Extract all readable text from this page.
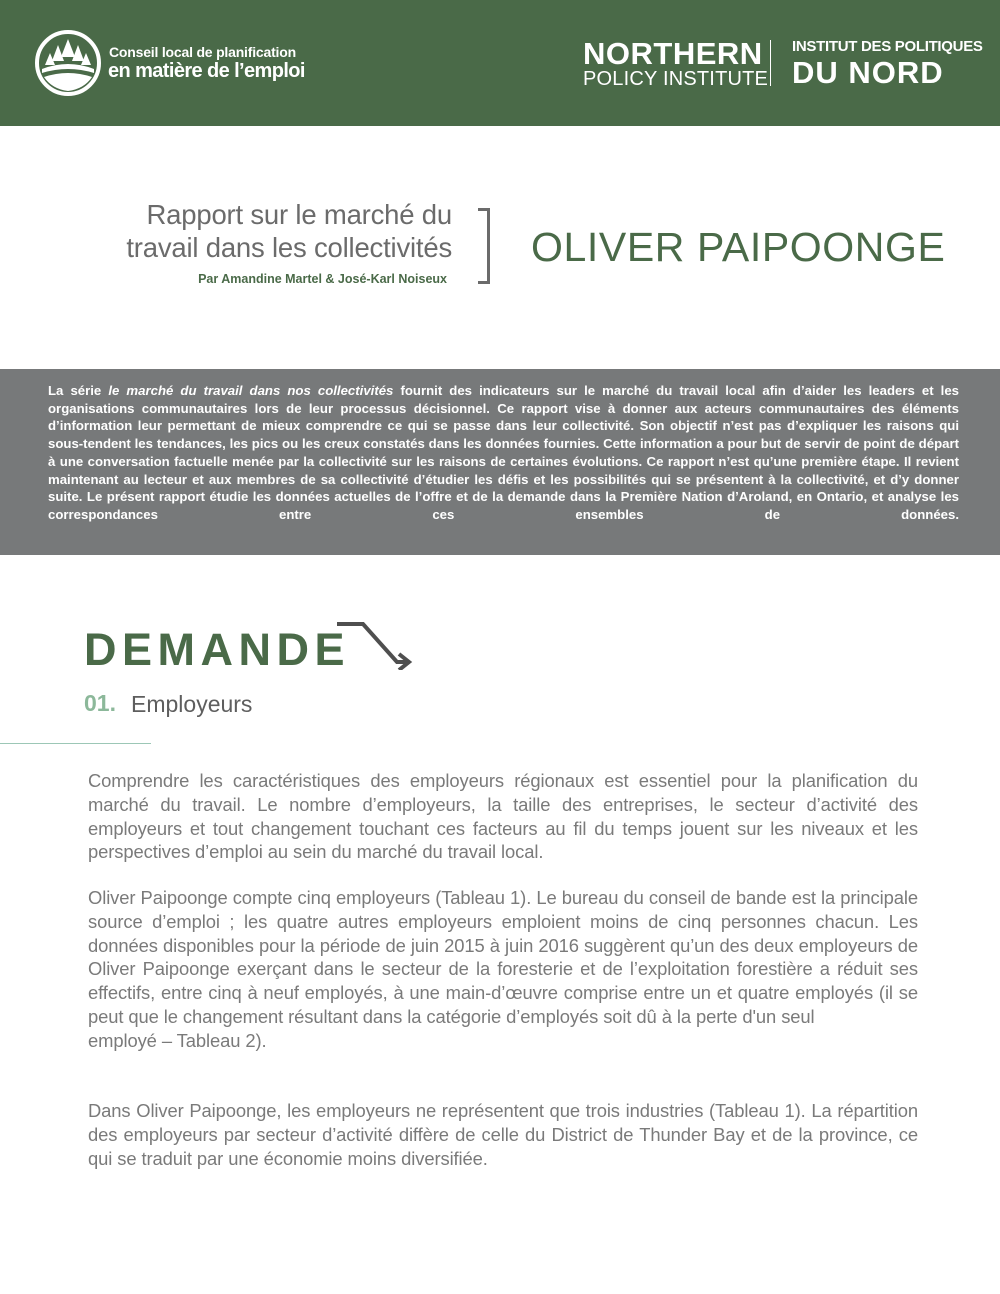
Conseil local de planification
en matière de l’emploi	NORTHERN
POLICY INSTITUTE
INSTITUT DES POLITIQUES
DU NORD
Rapport sur le marché du
travail dans les collectivités
Par Amandine Martel & José-Karl Noiseux
OLIVER PAIPOONGE
La série le marché du travail dans nos collectivités fournit des indicateurs sur le marché du travail local afin d’aider les leaders et les organisations communautaires lors de leur processus décisionnel. Ce rapport vise à donner aux acteurs communautaires des éléments d’information leur permettant de mieux comprendre ce qui se passe dans leur collectivité. Son objectif n’est pas d’expliquer les raisons qui sous-tendent les tendances, les pics ou les creux constatés dans les données fournies. Cette information a pour but de servir de point de départ à une conversation factuelle menée par la collectivité sur les raisons de certaines évolutions. Ce rapport n’est qu’une première étape. Il revient maintenant au lecteur et aux membres de sa collectivité d’étudier les défis et les possibilités qui se présentent à la collectivité, et d’y donner suite. Le présent rapport étudie les données actuelles de l’offre et de la demande dans la Première Nation d’Aroland, en Ontario, et analyse les correspondances entre ces ensembles de données.
DEMANDE
01. Employeurs
Comprendre les caractéristiques des employeurs régionaux est essentiel pour la planification du marché du travail. Le nombre d’employeurs, la taille des entreprises, le secteur d’activité des employeurs et tout changement touchant ces facteurs au fil du temps jouent sur les niveaux et les perspectives d’emploi au sein du marché du travail local.
Oliver Paipoonge compte cinq employeurs (Tableau 1). Le bureau du conseil de bande est la principale source d’emploi ; les quatre autres employeurs emploient moins de cinq personnes chacun. Les données disponibles pour la période de juin 2015 à juin 2016 suggèrent qu’un des deux employeurs de Oliver Paipoonge exerçant dans le secteur de la foresterie et de l’exploitation forestière a réduit ses effectifs, entre cinq à neuf employés, à une main-d’œuvre comprise entre un et quatre employés (il se peut que le changement résultant dans la catégorie d’employés soit dû à la perte d'un seul
employé – Tableau 2).
Dans Oliver Paipoonge, les employeurs ne représentent que trois industries (Tableau 1). La répartition des employeurs par secteur d’activité diffère de celle du District de Thunder Bay et de la province, ce qui se traduit par une économie moins diversifiée.
